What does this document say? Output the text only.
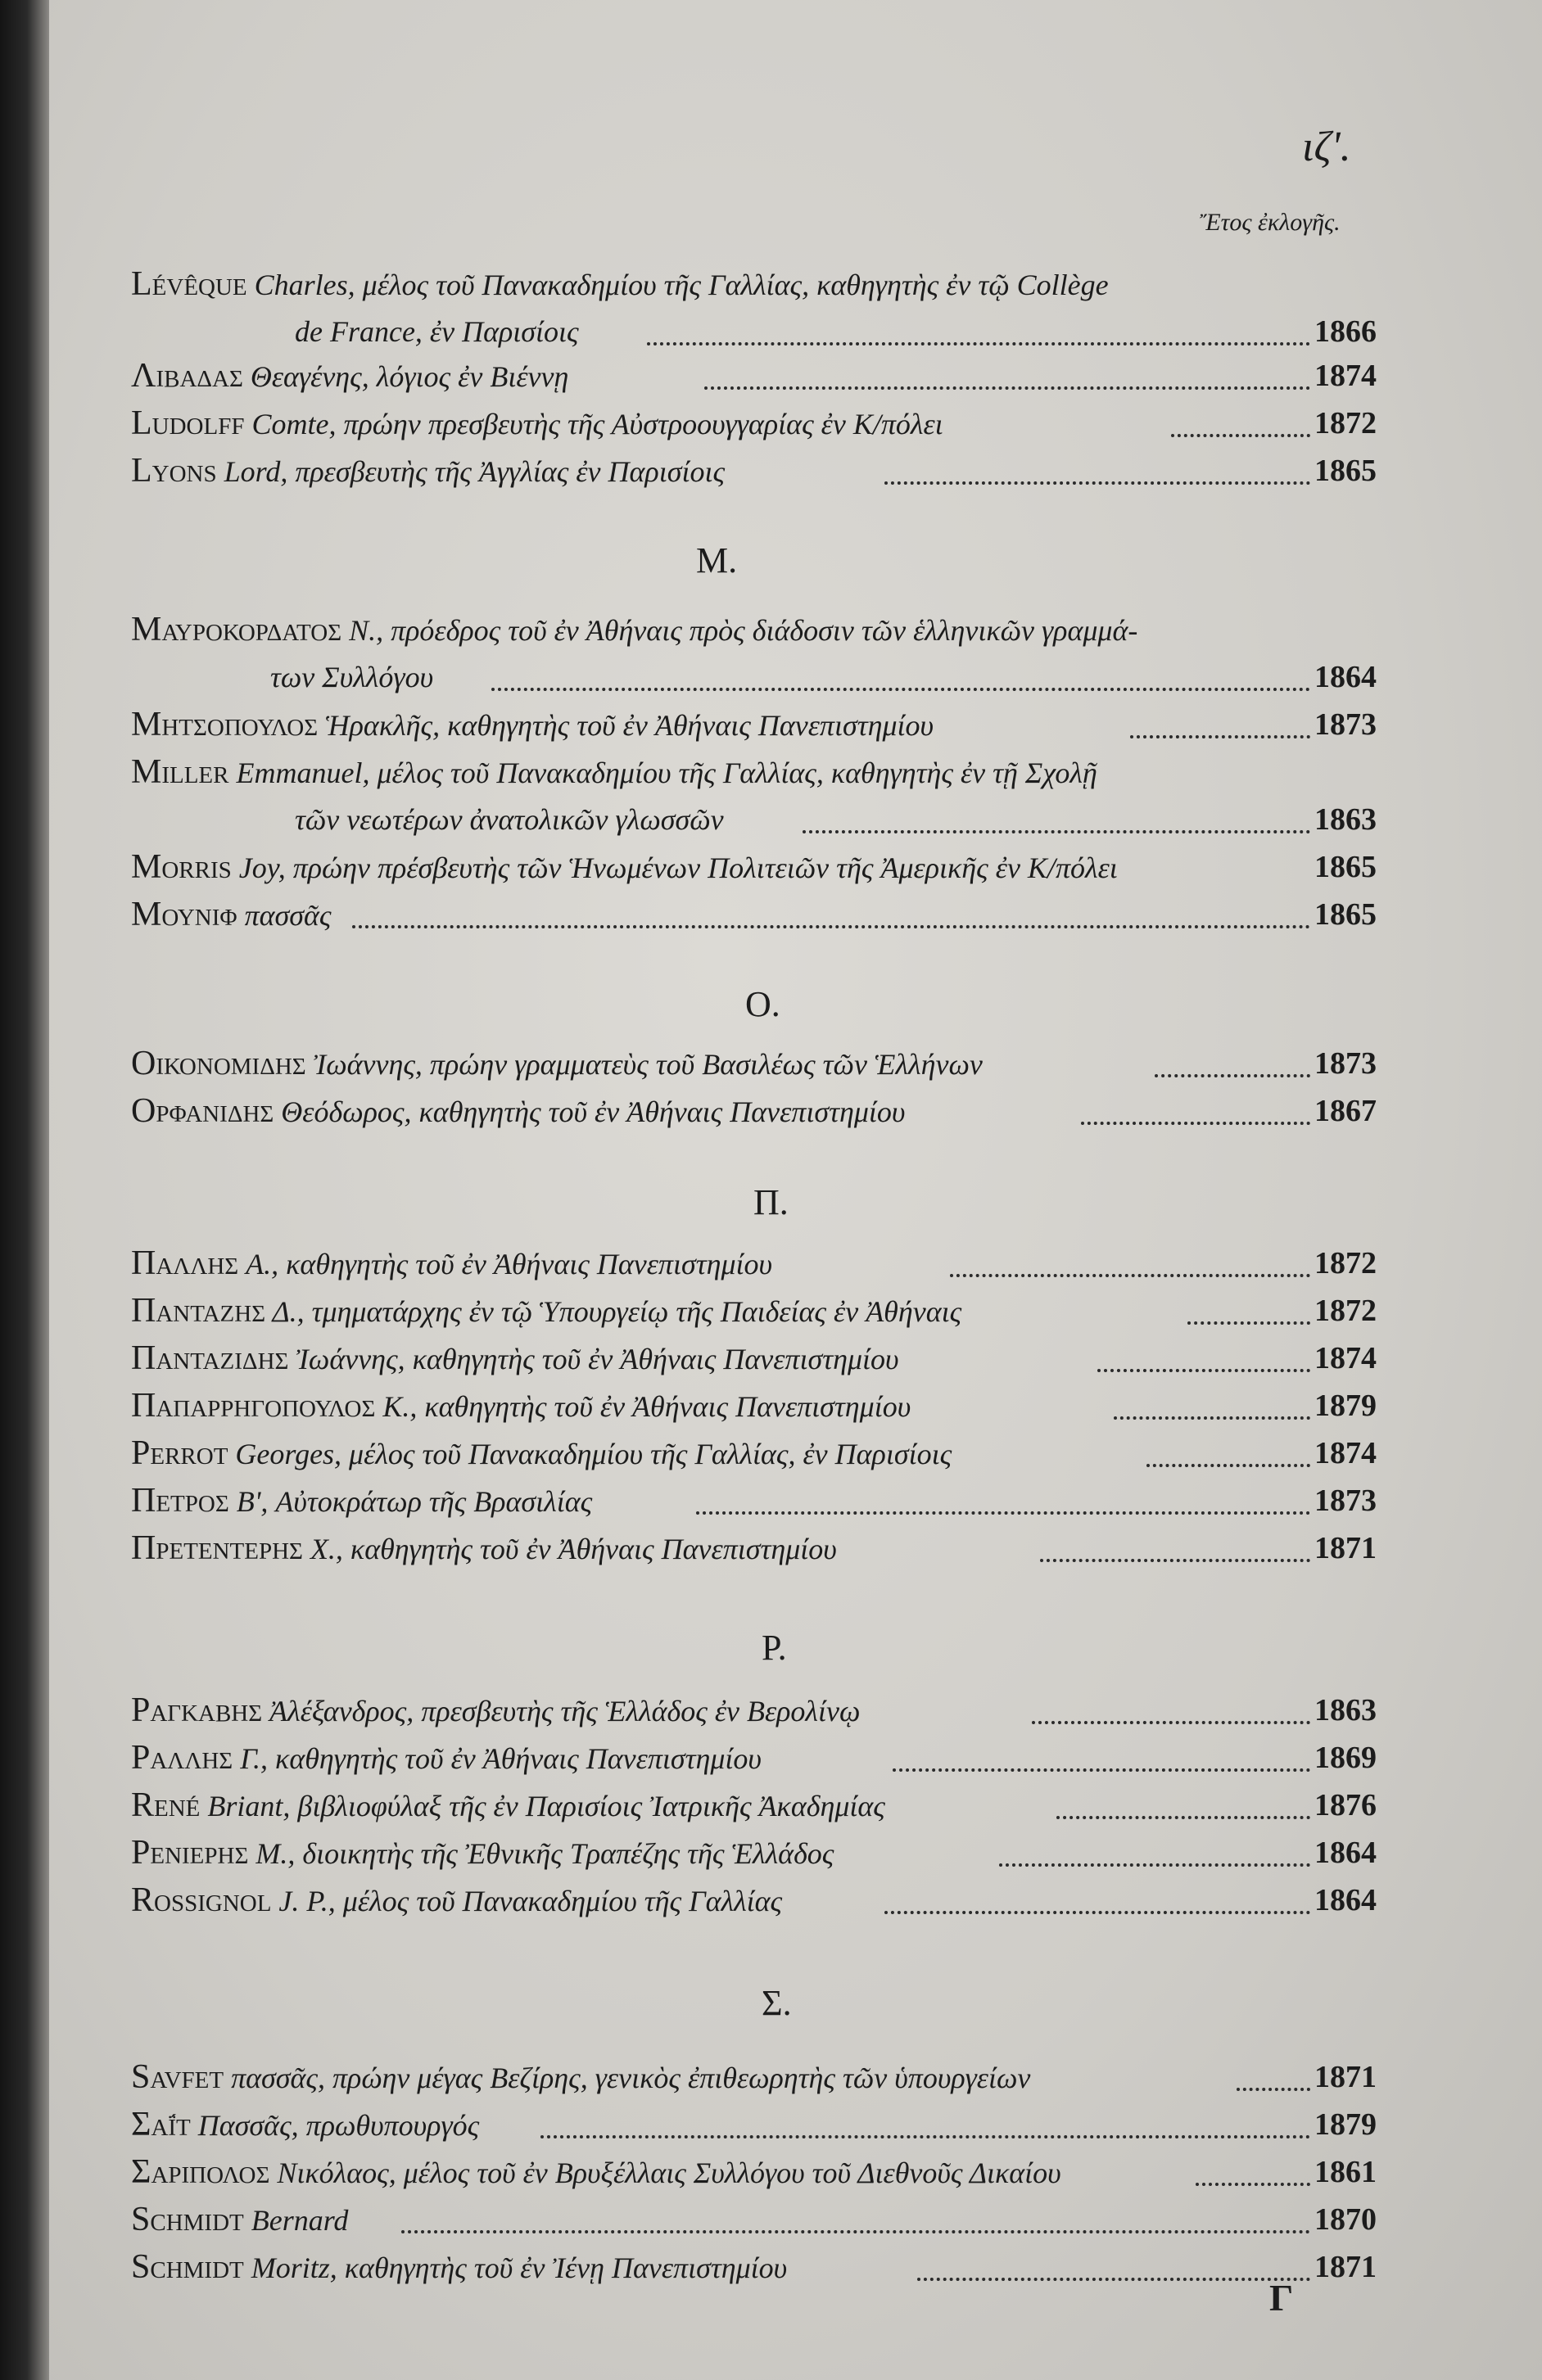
ιζ'.
Ἔτος ἐκλογῆς.
Lévêque Charles, μέλος τοῦ Πανακαδημίου τῆς Γαλλίας, καθηγητὴς ἐν τῷ Collège
de France, ἐν Παρισίοις	1866
Λιβαδας Θεαγένης, λόγιος ἐν Βιέννῃ	1874
Ludolff Comte, πρώην πρεσβευτὴς τῆς Αὐστροουγγαρίας ἐν Κ/πόλει	1872
Lyons Lord, πρεσβευτὴς τῆς Ἀγγλίας ἐν Παρισίοις	1865
M.
Μαυροκορδατος N., πρόεδρος τοῦ ἐν Ἀθήναις πρὸς διάδοσιν τῶν ἑλληνικῶν γραμμά-
των Συλλόγου	1864
Μητσοπουλος Ἡρακλῆς, καθηγητὴς τοῦ ἐν Ἀθήναις Πανεπιστημίου	1873
Miller Emmanuel, μέλος τοῦ Πανακαδημίου τῆς Γαλλίας, καθηγητὴς ἐν τῇ Σχολῇ
τῶν νεωτέρων ἀνατολικῶν γλωσσῶν	1863
Morris Joy, πρώην πρέσβευτὴς τῶν Ἡνωμένων Πολιτειῶν τῆς Ἀμερικῆς ἐν Κ/πόλει	1865
Μουνιφ πασσᾶς	1865
O.
Οικονομιδης Ἰωάννης, πρώην γραμματεὺς τοῦ Βασιλέως τῶν Ἑλλήνων	1873
Ορφανιδης Θεόδωρος, καθηγητὴς τοῦ ἐν Ἀθήναις Πανεπιστημίου	1867
Π.
Παλλης A., καθηγητὴς τοῦ ἐν Ἀθήναις Πανεπιστημίου	1872
Πανταζης Δ., τμηματάρχης ἐν τῷ Ὑπουργείῳ τῆς Παιδείας ἐν Ἀθήναις	1872
Πανταζιδης Ἰωάννης, καθηγητὴς τοῦ ἐν Ἀθήναις Πανεπιστημίου	1874
Παπαρρηγοπουλος K., καθηγητὴς τοῦ ἐν Ἀθήναις Πανεπιστημίου	1879
Perrot Georges, μέλος τοῦ Πανακαδημίου τῆς Γαλλίας, ἐν Παρισίοις	1874
Πετρος B', Αὐτοκράτωρ τῆς Βρασιλίας	1873
Πρετεντερης X., καθηγητὴς τοῦ ἐν Ἀθήναις Πανεπιστημίου	1871
P.
Ραγκαβης Ἀλέξανδρος, πρεσβευτὴς τῆς Ἑλλάδος ἐν Βερολίνῳ	1863
Ραλλης Γ., καθηγητὴς τοῦ ἐν Ἀθήναις Πανεπιστημίου	1869
René Briant, βιβλιοφύλαξ τῆς ἐν Παρισίοις Ἰατρικῆς Ἀκαδημίας	1876
Ρενιερης M., διοικητὴς τῆς Ἐθνικῆς Τραπέζης τῆς Ἑλλάδος	1864
Rossignol J. P., μέλος τοῦ Πανακαδημίου τῆς Γαλλίας	1864
Σ.
Savfet πασσᾶς, πρώην μέγας Βεζίρης, γενικὸς ἐπιθεωρητὴς τῶν ὑπουργείων	1871
Σαΐτ Πασσᾶς, πρωθυπουργός	1879
Σαριπολος Νικόλαος, μέλος τοῦ ἐν Βρυξέλλαις Συλλόγου τοῦ Διεθνοῦς Δικαίου	1861
Schmidt Bernard	1870
Schmidt Moritz, καθηγητὴς τοῦ ἐν Ἰένῃ Πανεπιστημίου	1871
Γ
